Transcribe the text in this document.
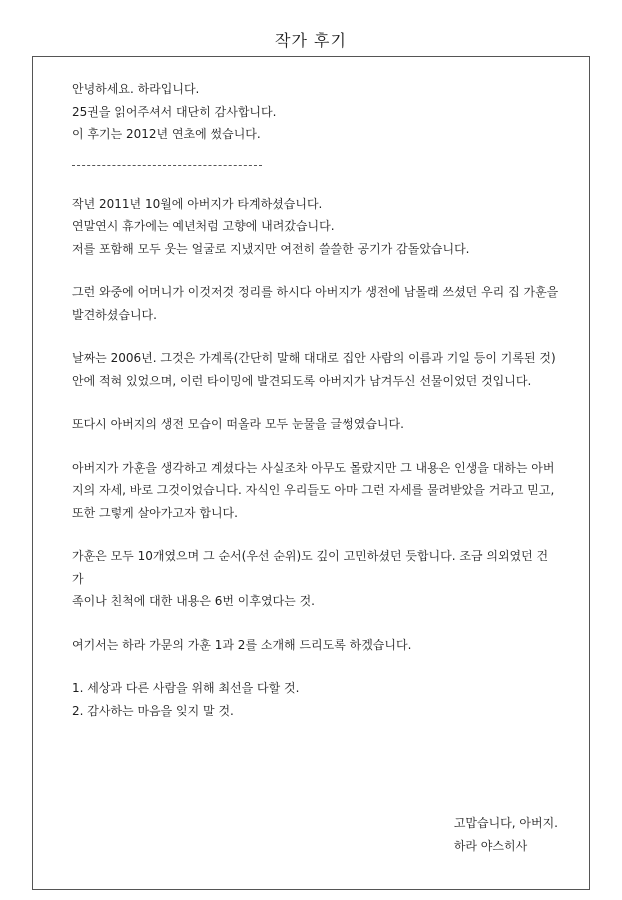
작가 후기
안녕하세요. 하라입니다.
25권을 읽어주셔서 대단히 감사합니다.
이 후기는 2012년 연초에 썼습니다.
작년 2011년 10월에 아버지가 타계하셨습니다.
연말연시 휴가에는 예년처럼 고향에 내려갔습니다.
저를 포함해 모두 웃는 얼굴로 지냈지만 여전히 쓸쓸한 공기가 감돌았습니다.
그런 와중에 어머니가 이것저것 정리를 하시다 아버지가 생전에 남몰래 쓰셨던 우리 집 가훈을
발견하셨습니다.
날짜는 2006년. 그것은 가계록(간단히 말해 대대로 집안 사람의 이름과 기일 등이 기록된 것)
안에 적혀 있었으며, 이런 타이밍에 발견되도록 아버지가 남겨두신 선물이었던 것입니다.
또다시 아버지의 생전 모습이 떠올라 모두 눈물을 글썽였습니다.
아버지가 가훈을 생각하고 계셨다는 사실조차 아무도 몰랐지만 그 내용은 인생을 대하는 아버
지의 자세, 바로 그것이었습니다. 자식인 우리들도 아마 그런 자세를 물려받았을 거라고 믿고,
또한 그렇게 살아가고자 합니다.
가훈은 모두 10개였으며 그 순서(우선 순위)도 깊이 고민하셨던 듯합니다. 조금 의외였던 건 가
족이나 친척에 대한 내용은 6번 이후였다는 것.
여기서는 하라 가문의 가훈 1과 2를 소개해 드리도록 하겠습니다.
1. 세상과 다른 사람을 위해 최선을 다할 것.
2. 감사하는 마음을 잊지 말 것.
고맙습니다, 아버지.
하라 야스히사
